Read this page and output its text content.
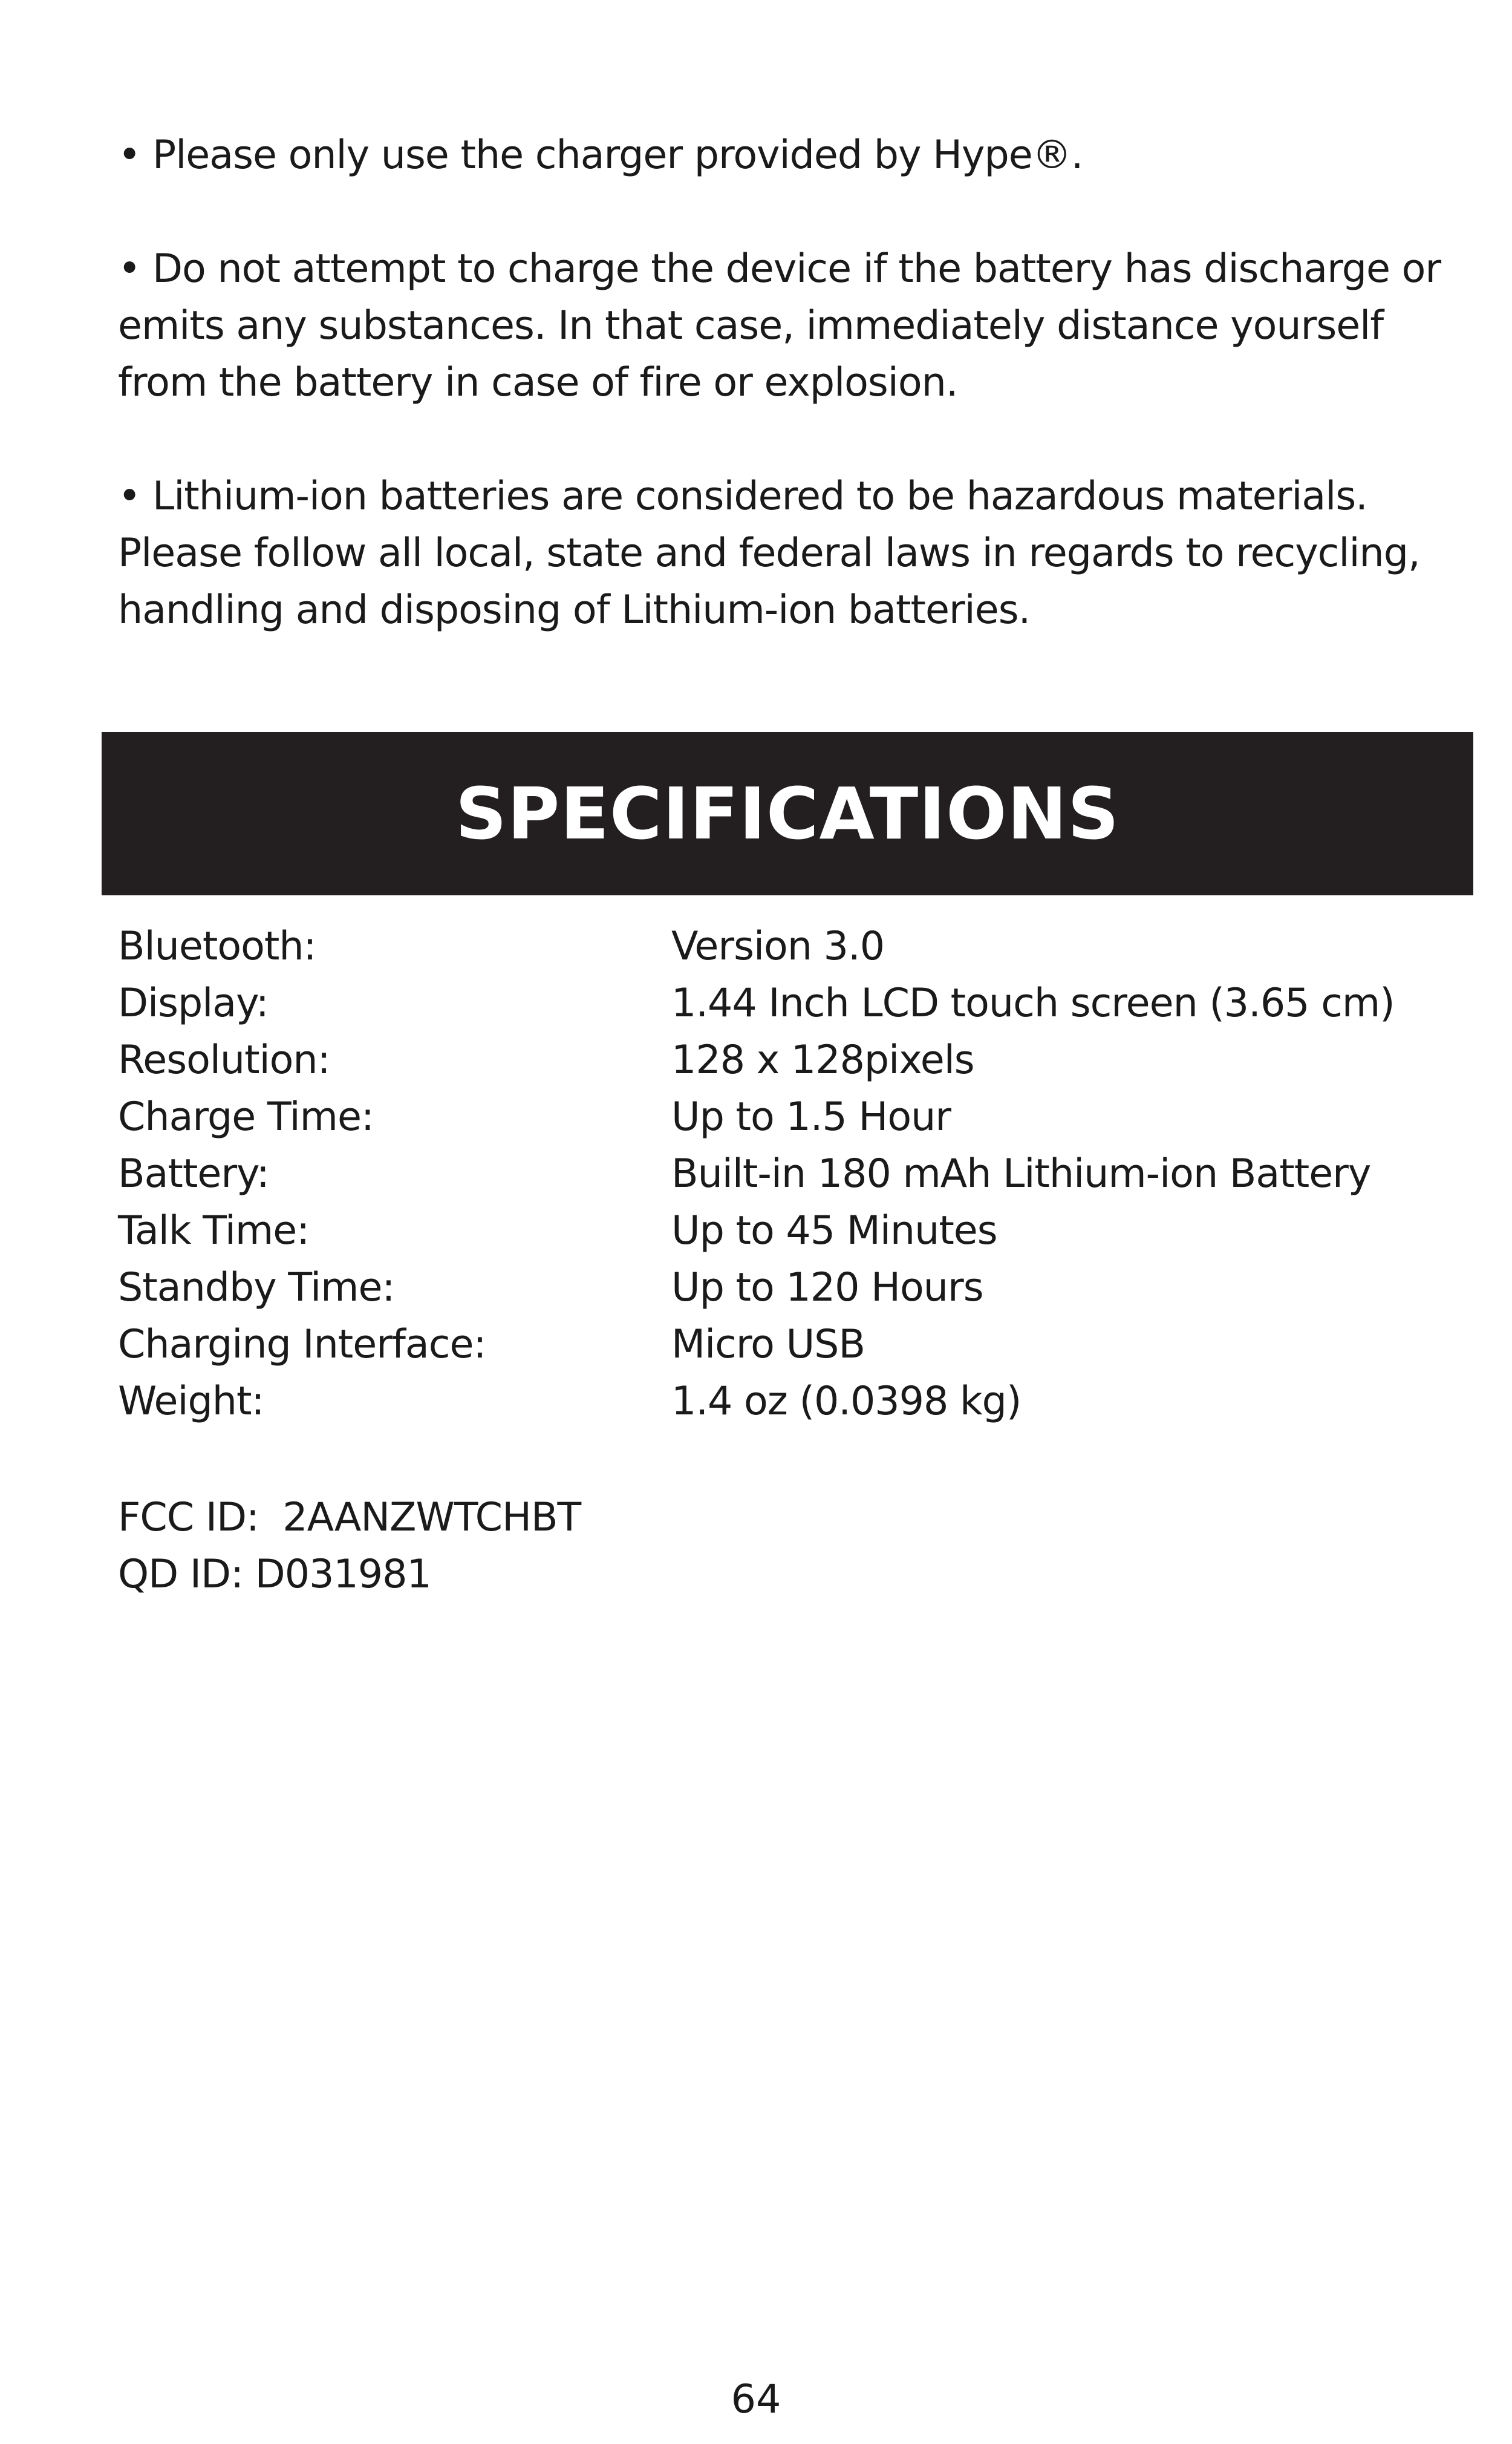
• Please only use the charger provided by Hype®.

• Do not attempt to charge the device if the battery has discharge or emits any substances. In that case, immediately distance yourself from the battery in case of fire or explosion.

• Lithium-ion batteries are considered to be hazardous materials. Please follow all local, state and federal laws in regards to recycling, handling and disposing of Lithium-ion batteries.

SPECIFICATIONS
Bluetooth:	Version 3.0
Display:	1.44 Inch LCD touch screen (3.65 cm)
Resolution:	128 x 128pixels
Charge Time:	Up to 1.5 Hour
Battery:	Built-in 180 mAh Lithium-ion Battery
Talk Time:	Up to 45 Minutes
Standby Time:	Up to 120 Hours
Charging Interface:	Micro USB
Weight:	1.4 oz (0.0398 kg)
FCC ID:  2AANZWTCHBT
QD ID: D031981
64
